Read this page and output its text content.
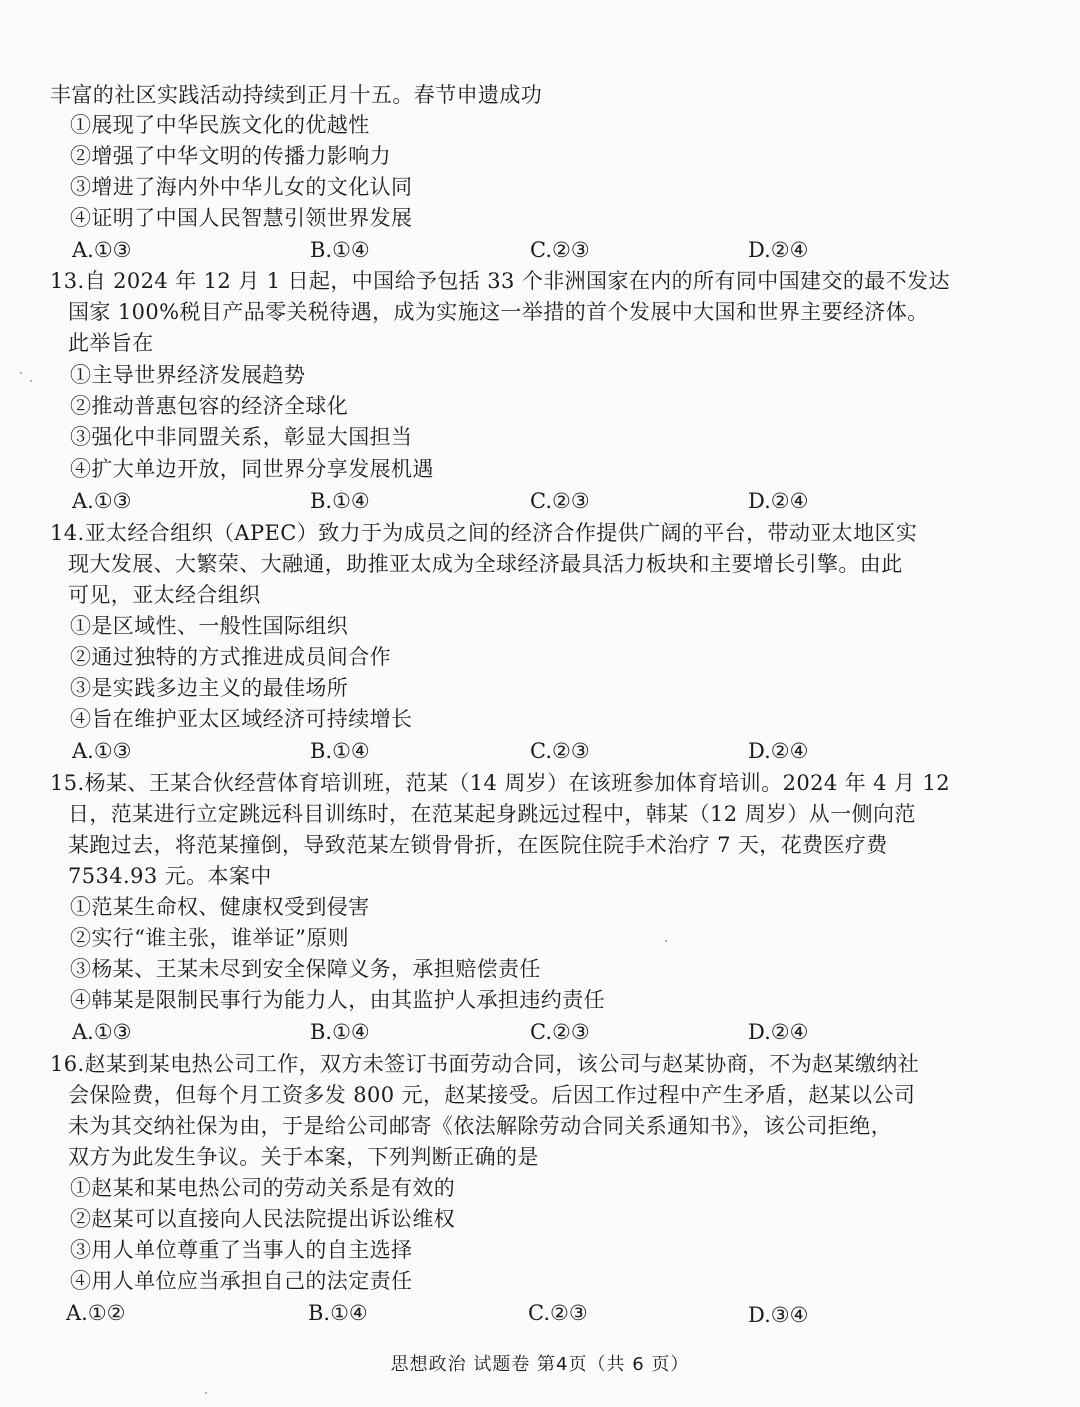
丰富的社区实践活动持续到正月十五。春节申遗成功
①展现了中华民族文化的优越性
②增强了中华文明的传播力影响力
③增进了海内外中华儿女的文化认同
④证明了中国人民智慧引领世界发展
A.①③	B.①④	C.②③	D.②④
13.自 2024 年 12 月 1 日起，中国给予包括 33 个非洲国家在内的所有同中国建交的最不发达
国家 100%税目产品零关税待遇，成为实施这一举措的首个发展中大国和世界主要经济体。
此举旨在
①主导世界经济发展趋势
②推动普惠包容的经济全球化
③强化中非同盟关系，彰显大国担当
④扩大单边开放，同世界分享发展机遇
A.①③	B.①④	C.②③	D.②④
14.亚太经合组织（APEC）致力于为成员之间的经济合作提供广阔的平台，带动亚太地区实
现大发展、大繁荣、大融通，助推亚太成为全球经济最具活力板块和主要增长引擎。由此
可见，亚太经合组织
①是区域性、一般性国际组织
②通过独特的方式推进成员间合作
③是实践多边主义的最佳场所
④旨在维护亚太区域经济可持续增长
A.①③	B.①④	C.②③	D.②④
15.杨某、王某合伙经营体育培训班，范某（14 周岁）在该班参加体育培训。2024 年 4 月 12
日，范某进行立定跳远科目训练时，在范某起身跳远过程中，韩某（12 周岁）从一侧向范
某跑过去，将范某撞倒，导致范某左锁骨骨折，在医院住院手术治疗 7 天，花费医疗费
7534.93 元。本案中
①范某生命权、健康权受到侵害
②实行“谁主张，谁举证”原则
③杨某、王某未尽到安全保障义务，承担赔偿责任
④韩某是限制民事行为能力人，由其监护人承担违约责任
A.①③	B.①④	C.②③	D.②④
16.赵某到某电热公司工作，双方未签订书面劳动合同，该公司与赵某协商，不为赵某缴纳社
会保险费，但每个月工资多发 800 元，赵某接受。后因工作过程中产生矛盾，赵某以公司
未为其交纳社保为由，于是给公司邮寄《依法解除劳动合同关系通知书》，该公司拒绝，
双方为此发生争议。关于本案，下列判断正确的是
①赵某和某电热公司的劳动关系是有效的
②赵某可以直接向人民法院提出诉讼维权
③用人单位尊重了当事人的自主选择
④用人单位应当承担自己的法定责任
A.①②	B.①④	C.②③	D.③④
思想政治 试题卷 第4页（共 6 页）
